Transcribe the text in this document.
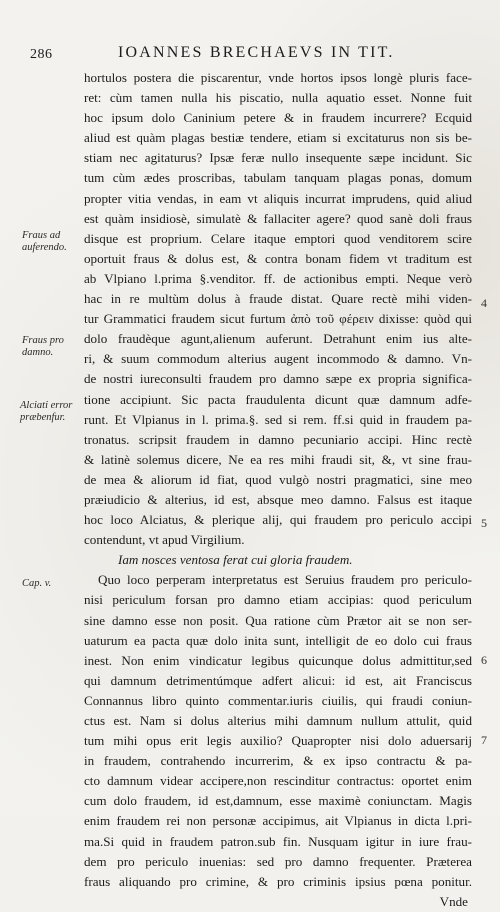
286	IOANNES BRECHAEVS IN TIT.
Fraus ad auferendo.
Fraus pro damno.
Alciati error præbenfur.
Cap. v.
4
5
6
7
hortulos postera die piscarentur, vnde hortos ipsos longè pluris face-
ret: cùm tamen nulla his piscatio, nulla aquatio esset. Nonne fuit
hoc ipsum dolo Caninium petere & in fraudem incurrere? Ecquid
aliud est quàm plagas bestiæ tendere, etiam si excitaturus non sis be-
stiam nec agitaturus? Ipsæ feræ nullo insequente sæpe incidunt. Sic
tum cùm ædes proscribas, tabulam tanquam plagas ponas, domum
propter vitia vendas, in eam vt aliquis incurrat imprudens, quid aliud
est quàm insidiosè, simulatè & fallaciter agere? quod sanè doli fraus
disque est proprium. Celare itaque emptori quod venditorem scire
oportuit fraus & dolus est, & contra bonam fidem vt traditum est
ab Vlpiano l.prima §.venditor. ff. de actionibus empti. Neque verò
hac in re multùm dolus à fraude distat. Quare rectè mihi viden-
tur Grammatici fraudem sicut furtum ἀπὸ τοῦ φέρειν dixisse: quòd qui
dolo fraudèque agunt,alienum auferunt. Detrahunt enim ius alte-
ri, & suum commodum alterius augent incommodo & damno. Vn-
de nostri iureconsulti fraudem pro damno sæpe ex propria significa-
tione accipiunt. Sic pacta fraudulenta dicunt quæ damnum adfe-
runt. Et Vlpianus in l. prima.§. sed si rem. ff.si quid in fraudem pa-
tronatus. scripsit fraudem in damno pecuniario accipi. Hinc rectè
& latinè solemus dicere, Ne ea res mihi fraudi sit, &, vt sine frau-
de mea & aliorum id fiat, quod vulgò nostri pragmatici, sine meo
præiudicio & alterius, id est, absque meo damno. Falsus est itaque
hoc loco Alciatus, & plerique alij, qui fraudem pro periculo accipi
contendunt, vt apud Virgilium.
Iam nosces ventosa ferat cui gloria fraudem.
Quo loco perperam interpretatus est Seruius fraudem pro periculo-
nisi periculum forsan pro damno etiam accipias: quod periculum
sine damno esse non posit. Qua ratione cùm Prætor ait se non ser-
uaturum ea pacta quæ dolo inita sunt, intelligit de eo dolo cui fraus
inest. Non enim vindicatur legibus quicunque dolus admittitur,sed
qui damnum detrimentúmque adfert alicui: id est, ait Franciscus
Connannus libro quinto commentar.iuris ciuilis, qui fraudi coniun-
ctus est. Nam si dolus alterius mihi damnum nullum attulit, quid
tum mihi opus erit legis auxilio? Quapropter nisi dolo aduersarij
in fraudem, contrahendo incurrerim, & ex ipso contractu & pa-
cto damnum videar accipere,non rescinditur contractus: oportet enim
cum dolo fraudem, id est,damnum, esse maximè coniunctam. Magis
enim fraudem rei non personæ accipimus, ait Vlpianus in dicta l.pri-
ma.Si quid in fraudem patron.sub fin. Nusquam igitur in iure frau-
dem pro periculo inuenias: sed pro damno frequenter. Præterea
fraus aliquando pro crimine, & pro criminis ipsius pœna ponitur.
Vnde
